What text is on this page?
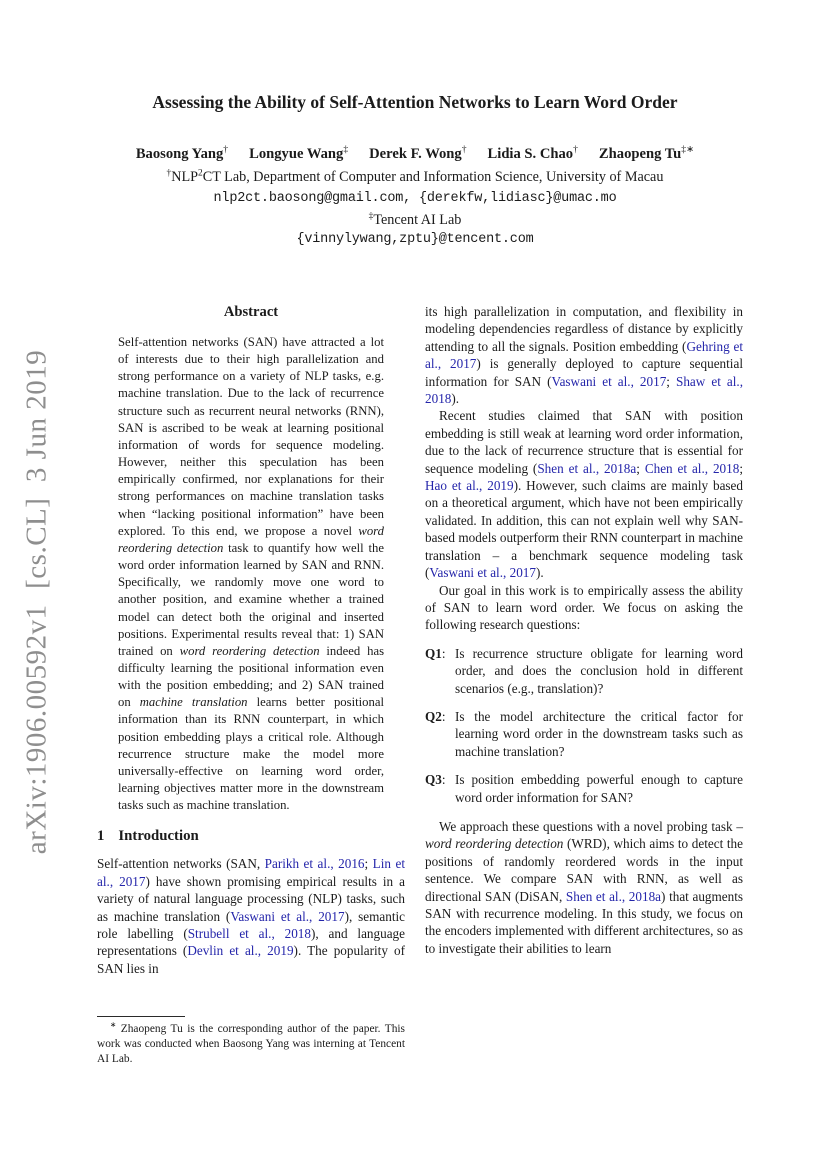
arXiv:1906.00592v1  [cs.CL]  3 Jun 2019
Assessing the Ability of Self-Attention Networks to Learn Word Order
Baosong Yang† Longyue Wang‡ Derek F. Wong† Lidia S. Chao† Zhaopeng Tu‡∗
†NLP$^2$CT Lab, Department of Computer and Information Science, University of Macau
nlp2ct.baosong@gmail.com, {derekfw,lidiasc}@umac.mo
‡Tencent AI Lab
{vinnylywang,zptu}@tencent.com
Abstract
Self-attention networks (SAN) have attracted a lot of interests due to their high parallelization and strong performance on a variety of NLP tasks, e.g. machine translation. Due to the lack of recurrence structure such as recurrent neural networks (RNN), SAN is ascribed to be weak at learning positional information of words for sequence modeling. However, neither this speculation has been empirically confirmed, nor explanations for their strong performances on machine translation tasks when “lacking positional information” have been explored. To this end, we propose a novel word reordering detection task to quantify how well the word order information learned by SAN and RNN. Specifically, we randomly move one word to another position, and examine whether a trained model can detect both the original and inserted positions. Experimental results reveal that: 1) SAN trained on word reordering detection indeed has difficulty learning the positional information even with the position embedding; and 2) SAN trained on machine translation learns better positional information than its RNN counterpart, in which position embedding plays a critical role. Although recurrence structure make the model more universally-effective on learning word order, learning objectives matter more in the downstream tasks such as machine translation.
1 Introduction
Self-attention networks (SAN, Parikh et al., 2016; Lin et al., 2017) have shown promising empirical results in a variety of natural language processing (NLP) tasks, such as machine translation (Vaswani et al., 2017), semantic role labelling (Strubell et al., 2018), and language representations (Devlin et al., 2019). The popularity of SAN lies in
∗ Zhaopeng Tu is the corresponding author of the paper. This work was conducted when Baosong Yang was interning at Tencent AI Lab.

its high parallelization in computation, and flexibility in modeling dependencies regardless of distance by explicitly attending to all the signals. Position embedding (Gehring et al., 2017) is generally deployed to capture sequential information for SAN (Vaswani et al., 2017; Shaw et al., 2018).

Recent studies claimed that SAN with position embedding is still weak at learning word order information, due to the lack of recurrence structure that is essential for sequence modeling (Shen et al., 2018a; Chen et al., 2018; Hao et al., 2019). However, such claims are mainly based on a theoretical argument, which have not been empirically validated. In addition, this can not explain well why SAN-based models outperform their RNN counterpart in machine translation – a benchmark sequence modeling task (Vaswani et al., 2017).

Our goal in this work is to empirically assess the ability of SAN to learn word order. We focus on asking the following research questions:

Q1: Is recurrence structure obligate for learning word order, and does the conclusion hold in different scenarios (e.g., translation)?
Q2: Is the model architecture the critical factor for learning word order in the downstream tasks such as machine translation?
Q3: Is position embedding powerful enough to capture word order information for SAN?

We approach these questions with a novel probing task – word reordering detection (WRD), which aims to detect the positions of randomly reordered words in the input sentence. We compare SAN with RNN, as well as directional SAN (DiSAN, Shen et al., 2018a) that augments SAN with recurrence modeling. In this study, we focus on the encoders implemented with different architectures, so as to investigate their abilities to learn
